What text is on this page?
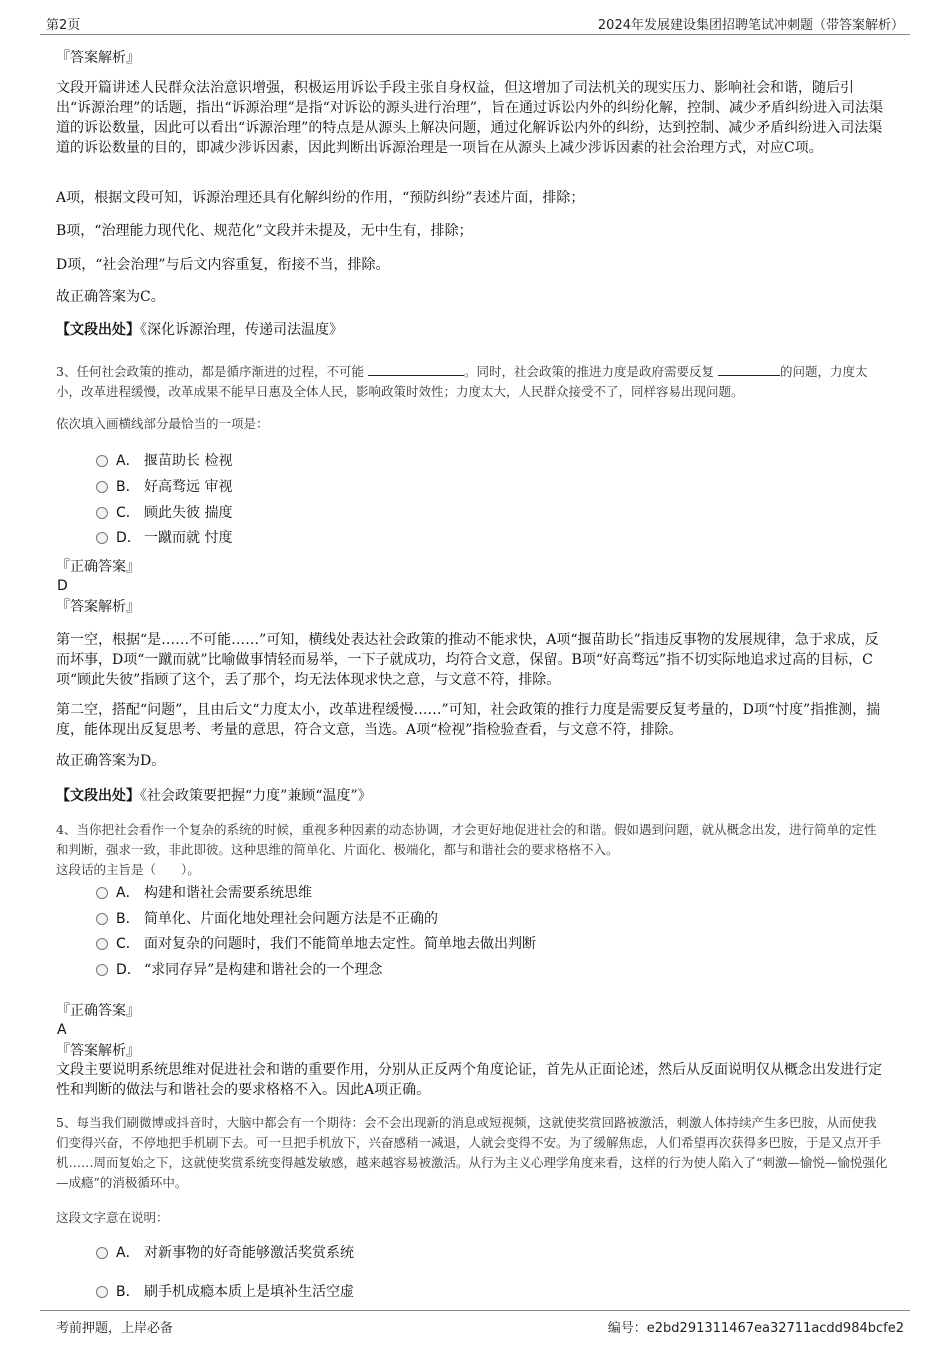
第2页	2024年发展建设集团招聘笔试冲刺题（带答案解析）

『答案解析』

文段开篇讲述人民群众法治意识增强，积极运用诉讼手段主张自身权益，但这增加了司法机关的现实压力、影响社会和谐，随后引出“诉源治理”的话题，指出“诉源治理”是指“对诉讼的源头进行治理”，旨在通过诉讼内外的纠纷化解，控制、减少矛盾纠纷进入司法渠道的诉讼数量，因此可以看出“诉源治理”的特点是从源头上解决问题，通过化解诉讼内外的纠纷，达到控制、减少矛盾纠纷进入司法渠道的诉讼数量的目的，即减少涉诉因素，因此判断出诉源治理是一项旨在从源头上减少涉诉因素的社会治理方式，对应C项。

A项，根据文段可知，诉源治理还具有化解纠纷的作用，“预防纠纷”表述片面，排除；

B项，“治理能力现代化、规范化”文段并未提及，无中生有，排除；

D项，“社会治理”与后文内容重复，衔接不当，排除。

故正确答案为C。

【文段出处】《深化诉源治理，传递司法温度》

3、任何社会政策的推动，都是循序渐进的过程，不可能	。同时，社会政策的推进力度是政府需要反复	的问题，力度太小，改革进程缓慢，改革成果不能早日惠及全体人民，影响政策时效性；力度太大，人民群众接受不了，同样容易出现问题。

依次填入画横线部分最恰当的一项是：

A． 揠苗助长 检视
B． 好高骛远 审视
C． 顾此失彼 揣度
D． 一蹴而就 忖度

『正确答案』

D

『答案解析』

第一空，根据“是……不可能……”可知，横线处表达社会政策的推动不能求快，A项“揠苗助长”指违反事物的发展规律，急于求成，反而坏事，D项“一蹴而就”比喻做事情轻而易举，一下子就成功，均符合文意，保留。B项“好高骛远”指不切实际地追求过高的目标，C项“顾此失彼”指顾了这个，丢了那个，均无法体现求快之意，与文意不符，排除。

第二空，搭配“问题”，且由后文“力度太小，改革进程缓慢……”可知，社会政策的推行力度是需要反复考量的，D项“忖度”指推测，揣度，能体现出反复思考、考量的意思，符合文意，当选。A项“检视”指检验查看，与文意不符，排除。

故正确答案为D。

【文段出处】《社会政策要把握“力度”兼顾“温度”》

4、当你把社会看作一个复杂的系统的时候，重视多种因素的动态协调，才会更好地促进社会的和谐。假如遇到问题，就从概念出发，进行简单的定性和判断，强求一致，非此即彼。这种思维的简单化、片面化、极端化，都与和谐社会的要求格格不入。

这段话的主旨是（　　）。

A． 构建和谐社会需要系统思维
B． 简单化、片面化地处理社会问题方法是不正确的
C． 面对复杂的问题时，我们不能简单地去定性。简单地去做出判断
D． “求同存异”是构建和谐社会的一个理念

『正确答案』

A

『答案解析』

文段主要说明系统思维对促进社会和谐的重要作用，分别从正反两个角度论证，首先从正面论述，然后从反面说明仅从概念出发进行定性和判断的做法与和谐社会的要求格格不入。因此A项正确。

5、每当我们刷微博或抖音时，大脑中都会有一个期待：会不会出现新的消息或短视频，这就使奖赏回路被激活，刺激人体持续产生多巴胺，从而使我们变得兴奋，不停地把手机刷下去。可一旦把手机放下，兴奋感稍一减退，人就会变得不安。为了缓解焦虑，人们希望再次获得多巴胺，于是又点开手机……周而复始之下，这就使奖赏系统变得越发敏感，越来越容易被激活。从行为主义心理学角度来看，这样的行为使人陷入了“刺激—愉悦—愉悦强化—成瘾”的消极循环中。

这段文字意在说明：

A． 对新事物的好奇能够激活奖赏系统
B． 刷手机成瘾本质上是填补生活空虚
考前押题，上岸必备	编号：e2bd291311467ea32711acdd984bcfe2
